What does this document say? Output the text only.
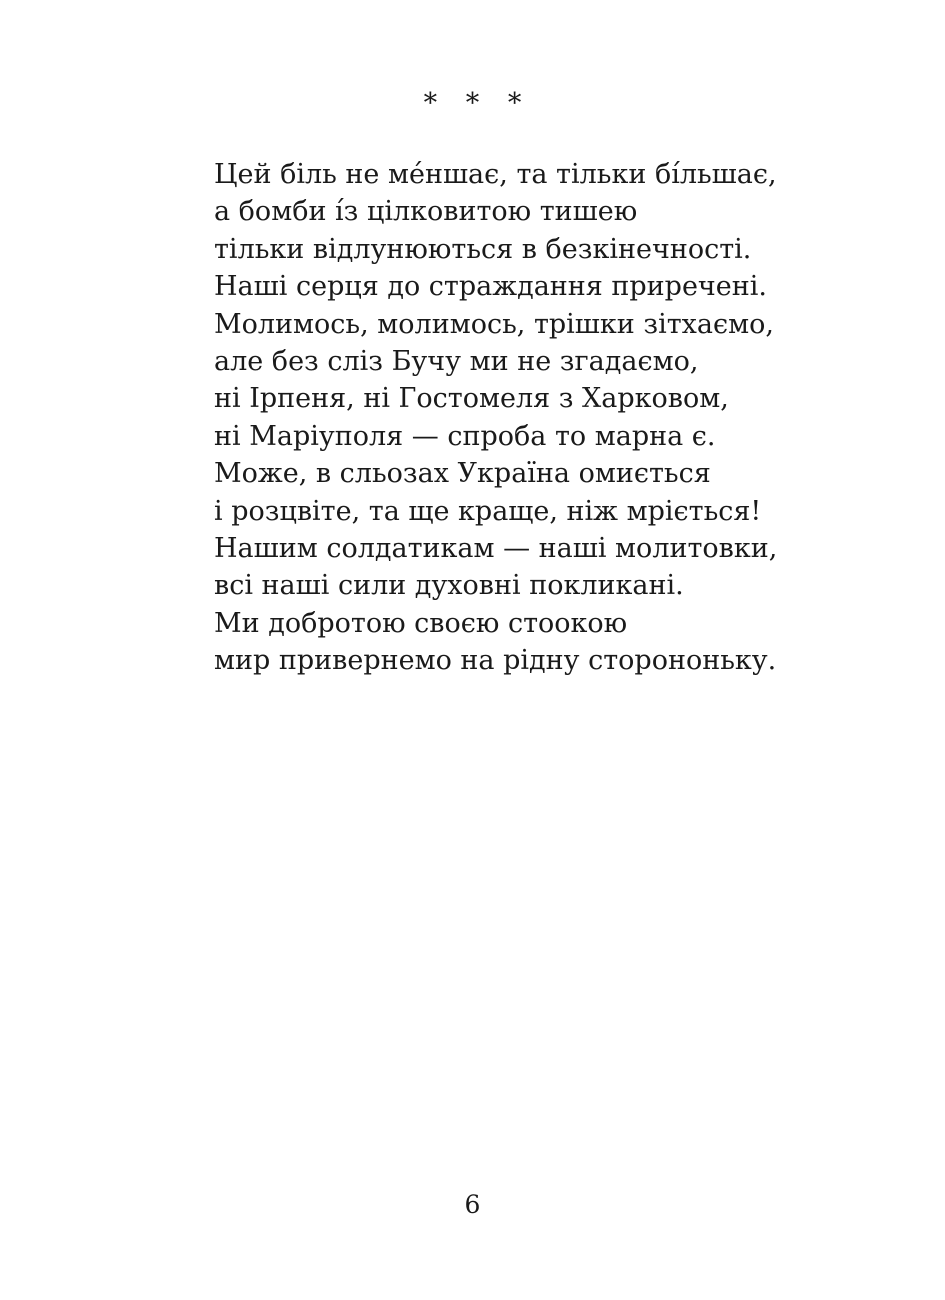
* * *
Цей біль не ме́ншає, та тільки бі́льшає,
а бомби і́з цілковитою тишею
тільки відлунюються в безкінечності.
Наші серця до страждання приречені.
Молимось, молимось, трішки зітхаємо,
але без сліз Бучу ми не згадаємо,
ні Ірпеня, ні Гостомеля з Харковом,
ні Маріуполя — спроба то марна є.
Може, в сльозах Україна омиється
і розцвіте, та ще краще, ніж мріється!
Нашим солдатикам — наші молитовки,
всі наші сили духовні покликані.
Ми добротою своєю стоокою
мир привернемо на рідну сторононьку.
6
